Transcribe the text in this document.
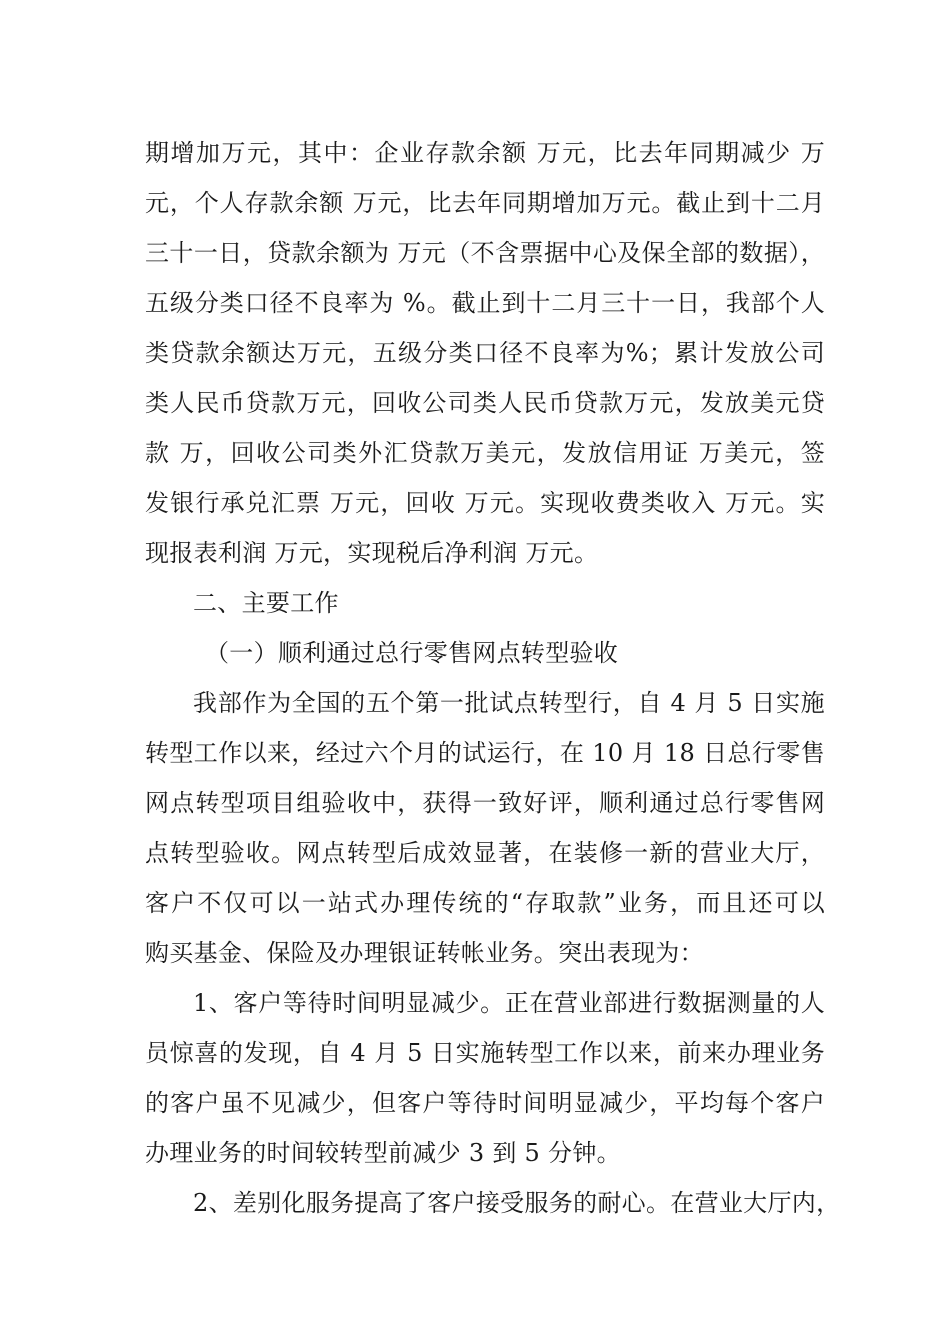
期增加万元，其中：企业存款余额 万元，比去年同期减少 万
元，个人存款余额 万元，比去年同期增加万元。截止到十二月
三十一日，贷款余额为 万元（不含票据中心及保全部的数据），
五级分类口径不良率为 %。截止到十二月三十一日，我部个人
类贷款余额达万元，五级分类口径不良率为%；累计发放公司
类人民币贷款万元，回收公司类人民币贷款万元，发放美元贷
款 万，回收公司类外汇贷款万美元，发放信用证 万美元，签
发银行承兑汇票 万元，回收 万元。实现收费类收入 万元。实
现报表利润 万元，实现税后净利润 万元。
二、主要工作
（一）顺利通过总行零售网点转型验收
我部作为全国的五个第一批试点转型行，自 4 月 5 日实施
转型工作以来，经过六个月的试运行，在 10 月 18 日总行零售
网点转型项目组验收中，获得一致好评，顺利通过总行零售网
点转型验收。网点转型后成效显著，在装修一新的营业大厅，
客户不仅可以一站式办理传统的“存取款”业务，而且还可以
购买基金、保险及办理银证转帐业务。突出表现为：
1、客户等待时间明显减少。正在营业部进行数据测量的人
员惊喜的发现，自 4 月 5 日实施转型工作以来，前来办理业务
的客户虽不见减少，但客户等待时间明显减少，平均每个客户
办理业务的时间较转型前减少 3 到 5 分钟。
2、差别化服务提高了客户接受服务的耐心。在营业大厅内，
